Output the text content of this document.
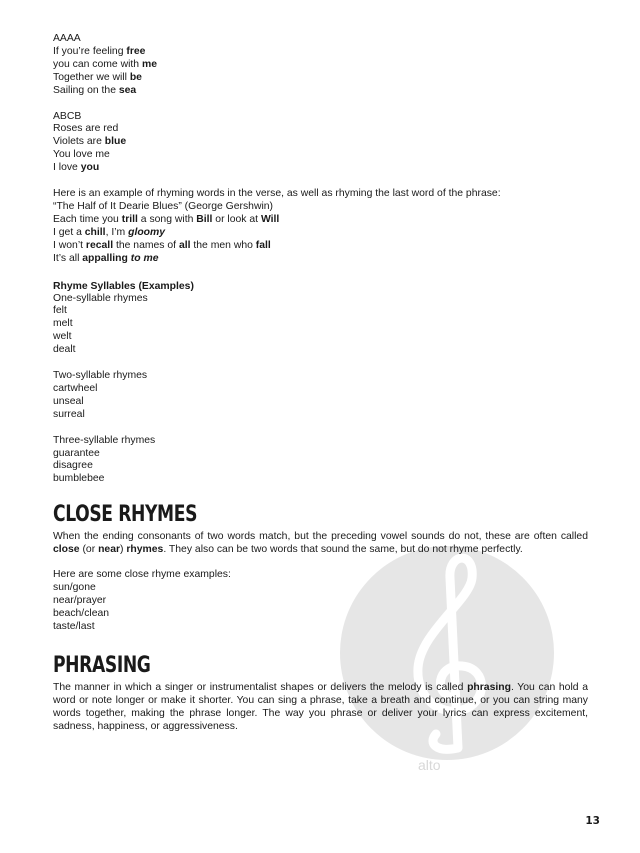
alto
AAAA
If you’re feeling free
you can come with me
Together we will be
Sailing on the sea
ABCB
Roses are red
Violets are blue
You love me
I love you
Here is an example of rhyming words in the verse, as well as rhyming the last word of the phrase:
“The Half of It Dearie Blues” (George Gershwin)
Each time you trill a song with Bill or look at Will
I get a chill, I’m gloomy
I won’t recall the names of all the men who fall
It’s all appalling to me
Rhyme Syllables (Examples)
One-syllable rhymes
felt
melt
welt
dealt
Two-syllable rhymes
cartwheel
unseal
surreal
Three-syllable rhymes
guarantee
disagree
bumblebee
CLOSE RHYMES

When the ending consonants of two words match, but the preceding vowel sounds do not, these are often called close (or near) rhymes. They also can be two words that sound the same, but do not rhyme perfectly.

Here are some close rhyme examples:
sun/gone
near/prayer
beach/clean
taste/last
PHRASING

The manner in which a singer or instrumentalist shapes or delivers the melody is called phrasing. You can hold a word or note longer or make it shorter. You can sing a phrase, take a breath and continue, or you can string many words together, making the phrase longer. The way you phrase or deliver your lyrics can express excitement, sadness, happiness, or aggressiveness.

13
